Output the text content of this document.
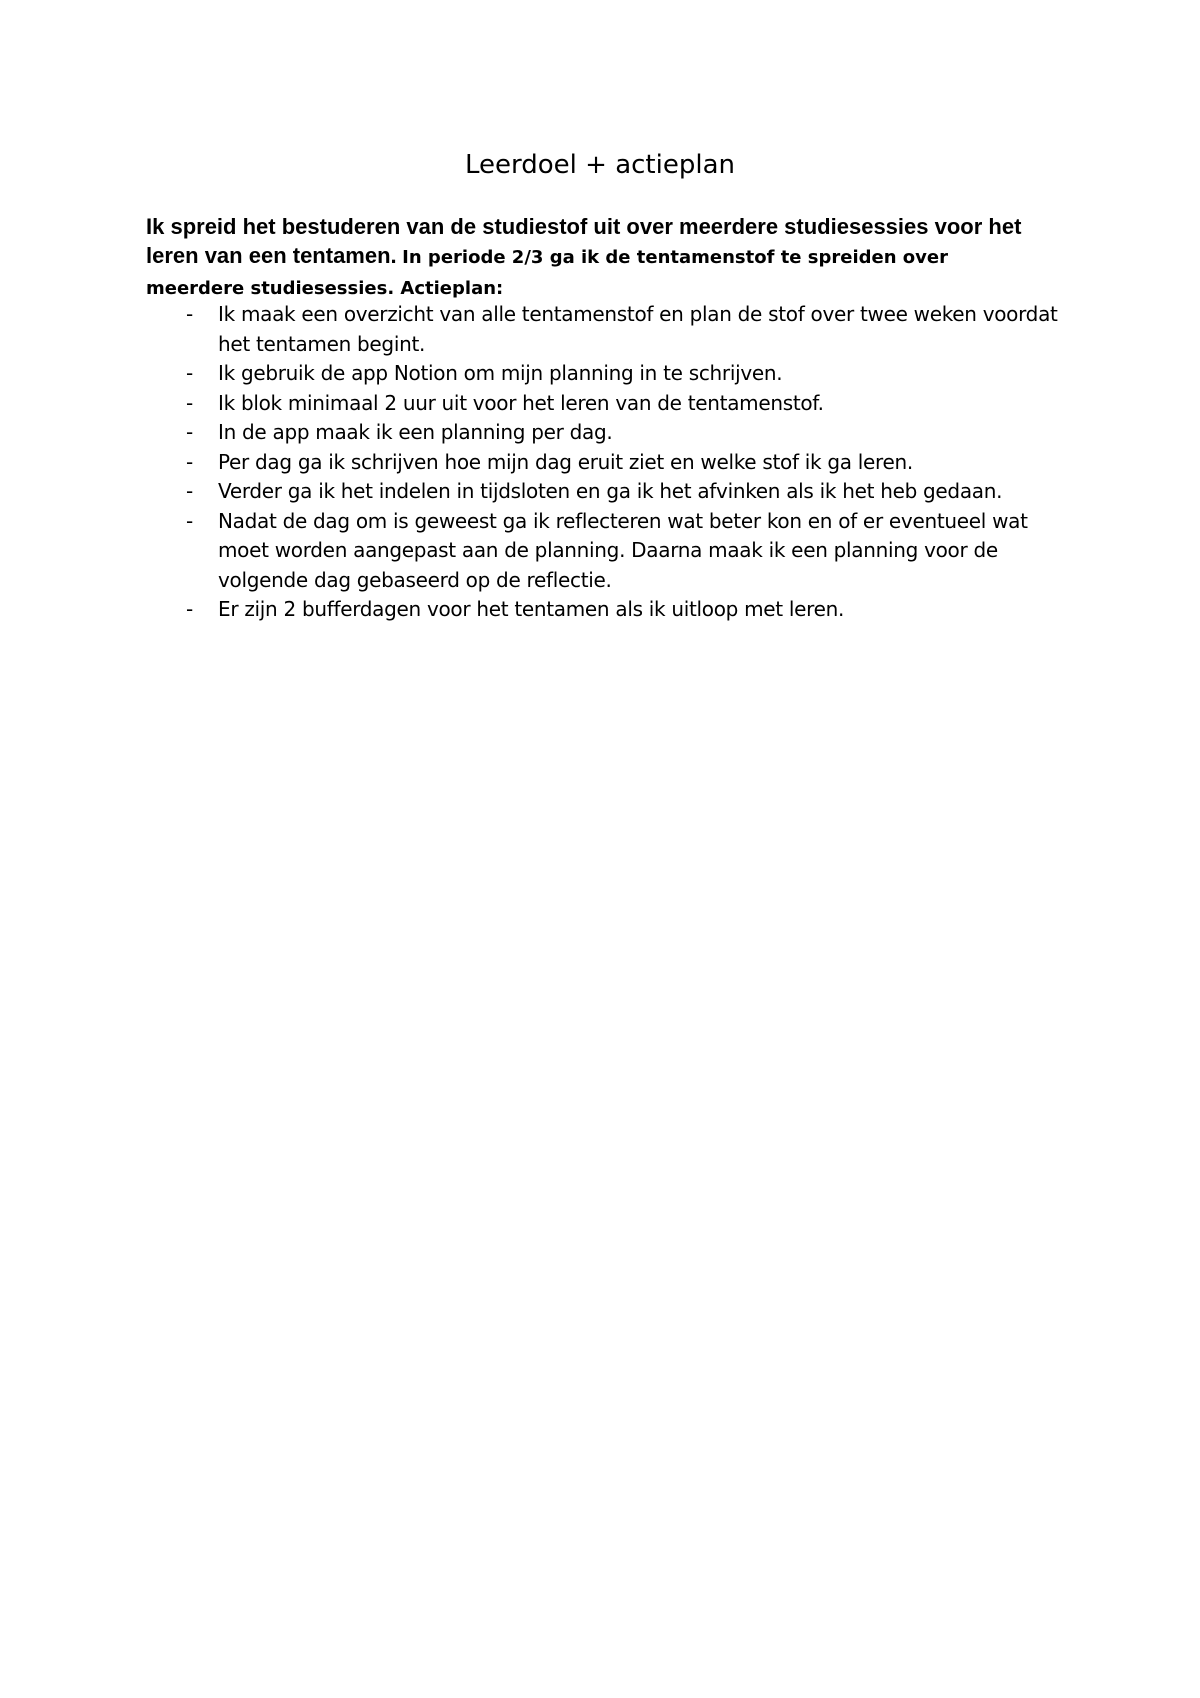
Leerdoel + actieplan

Ik spreid het bestuderen van de studiestof uit over meerdere studiesessies voor het leren van een tentamen. In periode 2/3 ga ik de tentamenstof te spreiden over meerdere studiesessies. Actieplan:

- Ik maak een overzicht van alle tentamenstof en plan de stof over twee weken voordat het tentamen begint.
- Ik gebruik de app Notion om mijn planning in te schrijven.
- Ik blok minimaal 2 uur uit voor het leren van de tentamenstof.
- In de app maak ik een planning per dag.
- Per dag ga ik schrijven hoe mijn dag eruit ziet en welke stof ik ga leren.
- Verder ga ik het indelen in tijdsloten en ga ik het afvinken als ik het heb gedaan.
- Nadat de dag om is geweest ga ik reflecteren wat beter kon en of er eventueel wat moet worden aangepast aan de planning. Daarna maak ik een planning voor de volgende dag gebaseerd op de reflectie.
- Er zijn 2 bufferdagen voor het tentamen als ik uitloop met leren.
